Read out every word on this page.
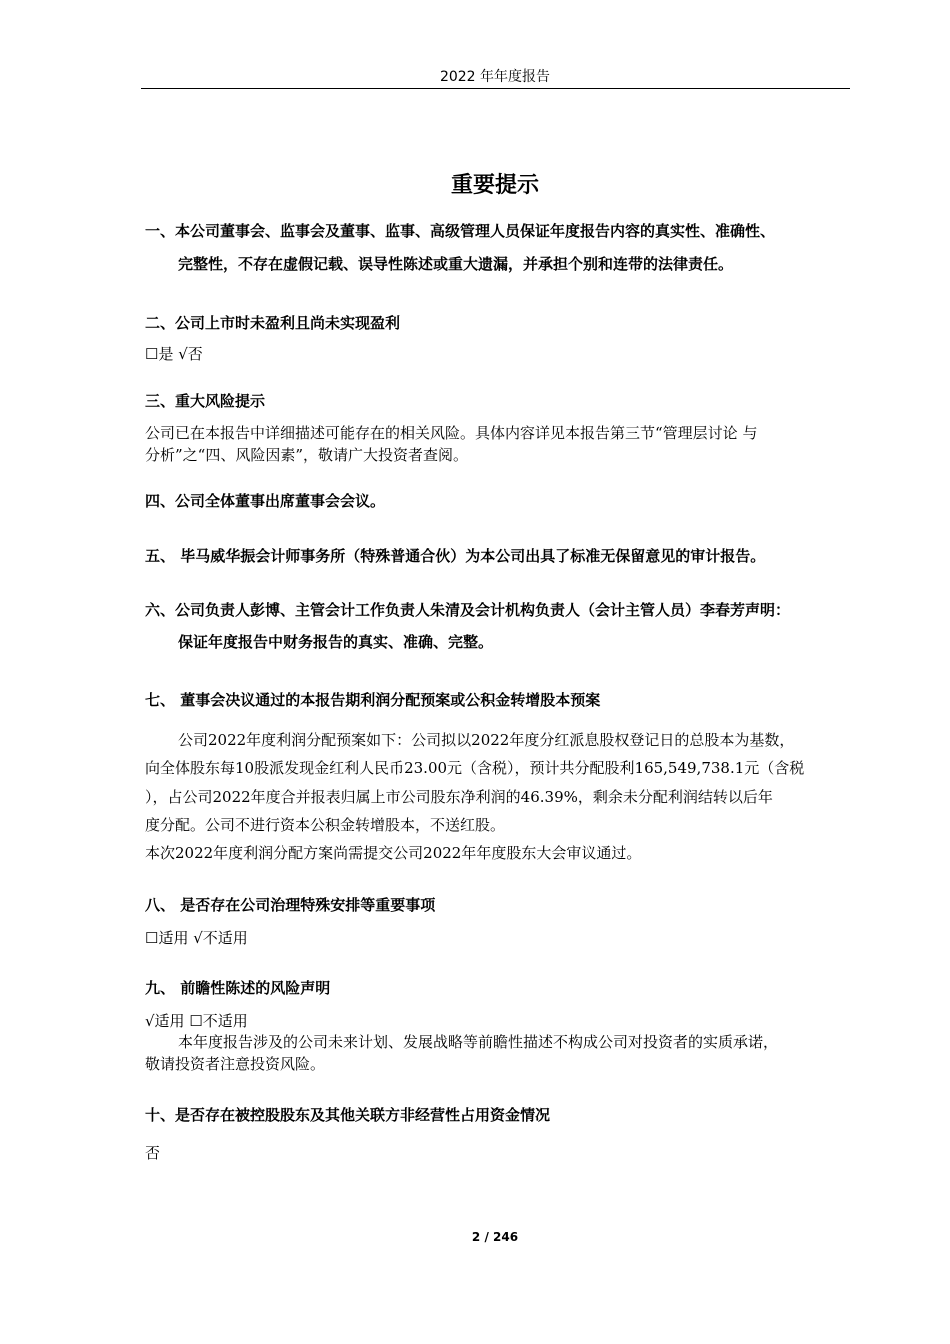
2022 年年度报告
重要提示
一、本公司董事会、监事会及董事、监事、高级管理人员保证年度报告内容的真实性、准确性、
完整性，不存在虚假记载、误导性陈述或重大遗漏，并承担个别和连带的法律责任。
二、公司上市时未盈利且尚未实现盈利
☐是 √否
三、重大风险提示
公司已在本报告中详细描述可能存在的相关风险。具体内容详见本报告第三节“管理层讨论 与
分析”之“四、风险因素”，敬请广大投资者查阅。
四、公司全体董事出席董事会会议。
五、 毕马威华振会计师事务所（特殊普通合伙）为本公司出具了标准无保留意见的审计报告。
六、公司负责人彭博、主管会计工作负责人朱清及会计机构负责人（会计主管人员）李春芳声明：
保证年度报告中财务报告的真实、准确、完整。
七、 董事会决议通过的本报告期利润分配预案或公积金转增股本预案
公司2022年度利润分配预案如下：公司拟以2022年度分红派息股权登记日的总股本为基数，
向全体股东每10股派发现金红利人民币23.00元（含税），预计共分配股利165,549,738.1元（含税
），占公司2022年度合并报表归属上市公司股东净利润的46.39%，剩余未分配利润结转以后年
度分配。公司不进行资本公积金转增股本，不送红股。
本次2022年度利润分配方案尚需提交公司2022年年度股东大会审议通过。
八、 是否存在公司治理特殊安排等重要事项
☐适用 √不适用
九、 前瞻性陈述的风险声明
√适用 ☐不适用
本年度报告涉及的公司未来计划、发展战略等前瞻性描述不构成公司对投资者的实质承诺，
敬请投资者注意投资风险。
十、是否存在被控股股东及其他关联方非经营性占用资金情况
否
2 / 246
